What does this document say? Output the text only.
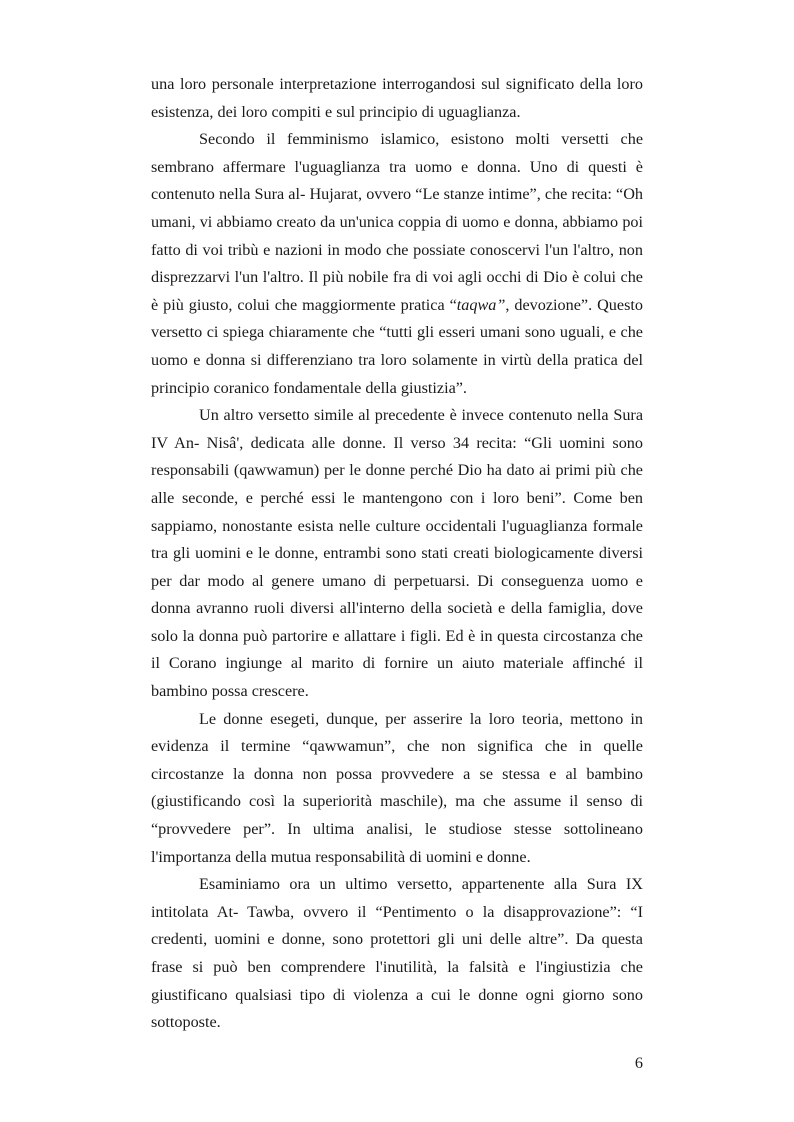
una loro personale interpretazione interrogandosi sul significato della loro esistenza, dei loro compiti e sul principio di uguaglianza.

Secondo il femminismo islamico, esistono molti versetti che sembrano affermare l'uguaglianza tra uomo e donna. Uno di questi è contenuto nella Sura al- Hujarat, ovvero “Le stanze intime”, che recita: “Oh umani, vi abbiamo creato da un'unica coppia di uomo e donna, abbiamo poi fatto di voi tribù e nazioni in modo che possiate conoscervi l'un l'altro, non disprezzarvi l'un l'altro. Il più nobile fra di voi agli occhi di Dio è colui che è più giusto, colui che maggiormente pratica “taqwa”, devozione”. Questo versetto ci spiega chiaramente che “tutti gli esseri umani sono uguali, e che uomo e donna si differenziano tra loro solamente in virtù della pratica del principio coranico fondamentale della giustizia”.

Un altro versetto simile al precedente è invece contenuto nella Sura IV An- Nisâ', dedicata alle donne. Il verso 34 recita: “Gli uomini sono responsabili (qawwamun) per le donne perché Dio ha dato ai primi più che alle seconde, e perché essi le mantengono con i loro beni”. Come ben sappiamo, nonostante esista nelle culture occidentali l'uguaglianza formale tra gli uomini e le donne, entrambi sono stati creati biologicamente diversi per dar modo al genere umano di perpetuarsi. Di conseguenza uomo e donna avranno ruoli diversi all'interno della società e della famiglia, dove solo la donna può partorire e allattare i figli. Ed è in questa circostanza che il Corano ingiunge al marito di fornire un aiuto materiale affinché il bambino possa crescere.

Le donne esegeti, dunque, per asserire la loro teoria, mettono in evidenza il termine “qawwamun”, che non significa che in quelle circostanze la donna non possa provvedere a se stessa e al bambino (giustificando così la superiorità maschile), ma che assume il senso di “provvedere per”. In ultima analisi, le studiose stesse sottolineano l'importanza della mutua responsabilità di uomini e donne.

Esaminiamo ora un ultimo versetto, appartenente alla Sura IX intitolata At- Tawba, ovvero il “Pentimento o la disapprovazione”: “I credenti, uomini e donne, sono protettori gli uni delle altre”. Da questa frase si può ben comprendere l'inutilità, la falsità e l'ingiustizia che giustificano qualsiasi tipo di violenza a cui le donne ogni giorno sono sottoposte.

6
